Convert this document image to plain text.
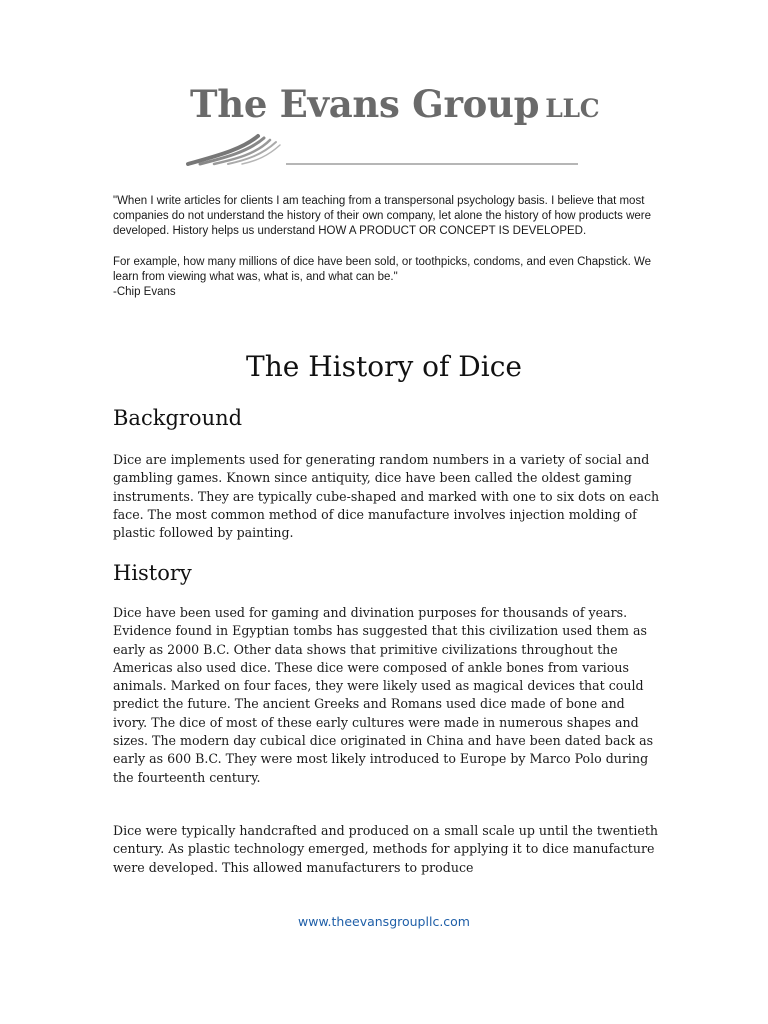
The Evans Group LLC

"When I write articles for clients I am teaching from a transpersonal psychology basis. I believe that most companies do not understand the history of their own company, let alone the history of how products were developed. History helps us understand HOW A PRODUCT OR CONCEPT IS DEVELOPED.

For example, how many millions of dice have been sold, or toothpicks, condoms, and even Chapstick. We learn from viewing what was, what is, and what can be."
-Chip Evans

The History of Dice
Background

Dice are implements used for generating random numbers in a variety of social and gambling games. Known since antiquity, dice have been called the oldest gaming instruments. They are typically cube-shaped and marked with one to six dots on each face. The most common method of dice manufacture involves injection molding of plastic followed by painting.

History

Dice have been used for gaming and divination purposes for thousands of years. Evidence found in Egyptian tombs has suggested that this civilization used them as early as 2000 B.C. Other data shows that primitive civilizations throughout the Americas also used dice. These dice were composed of ankle bones from various animals. Marked on four faces, they were likely used as magical devices that could predict the future. The ancient Greeks and Romans used dice made of bone and ivory. The dice of most of these early cultures were made in numerous shapes and sizes. The modern day cubical dice originated in China and have been dated back as early as 600 B.C. They were most likely introduced to Europe by Marco Polo during the fourteenth century.

Dice were typically handcrafted and produced on a small scale up until the twentieth century. As plastic technology emerged, methods for applying it to dice manufacture were developed. This allowed manufacturers to produce

www.theevansgroupllc.com
